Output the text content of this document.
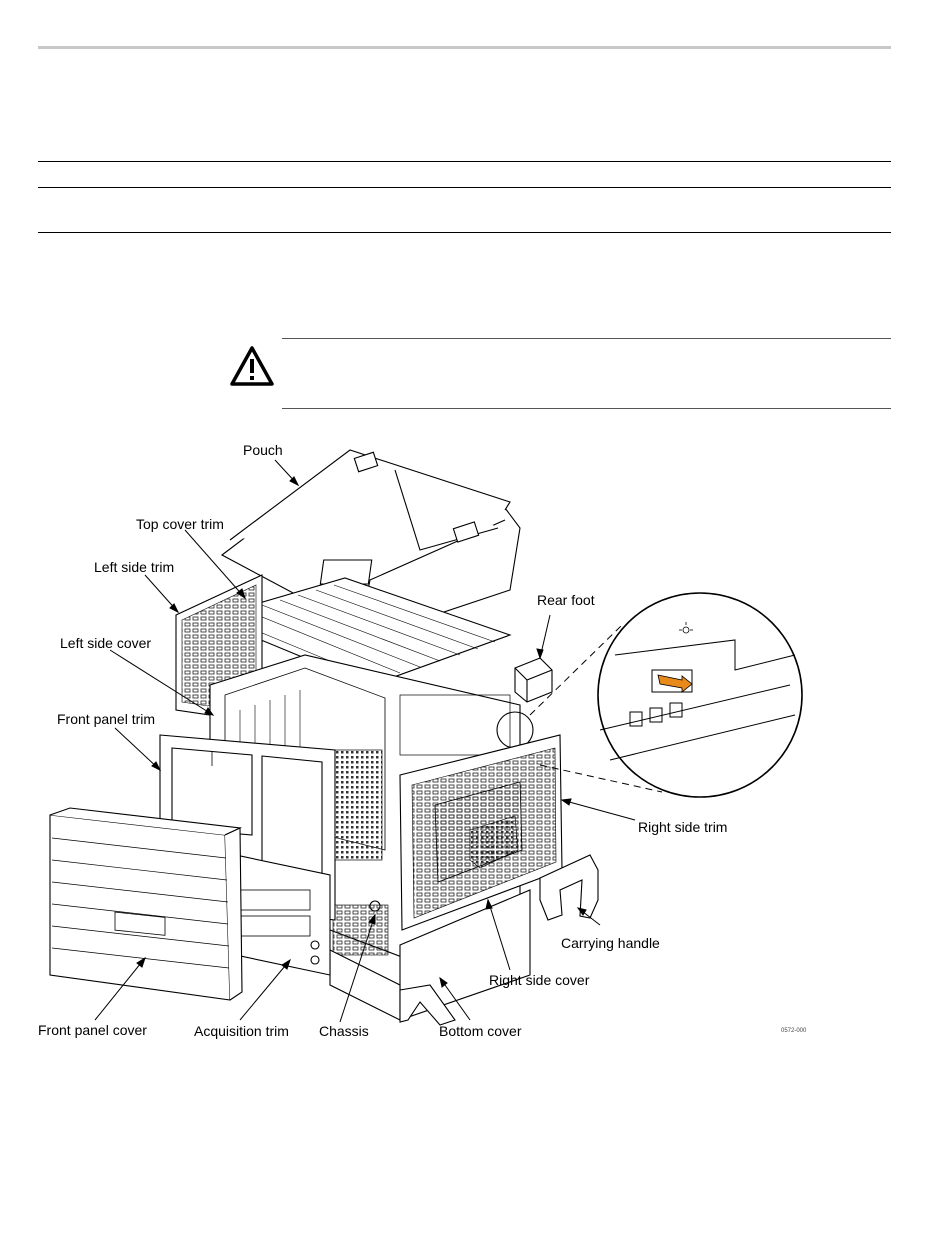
Pouch
Top cover trim
Left side trim
Rear foot
Left side cover
Front panel trim
Right side trim
Carrying handle
Right side cover
Front panel cover	Acquisition trim Chassis	Bottom cover	0572-000
